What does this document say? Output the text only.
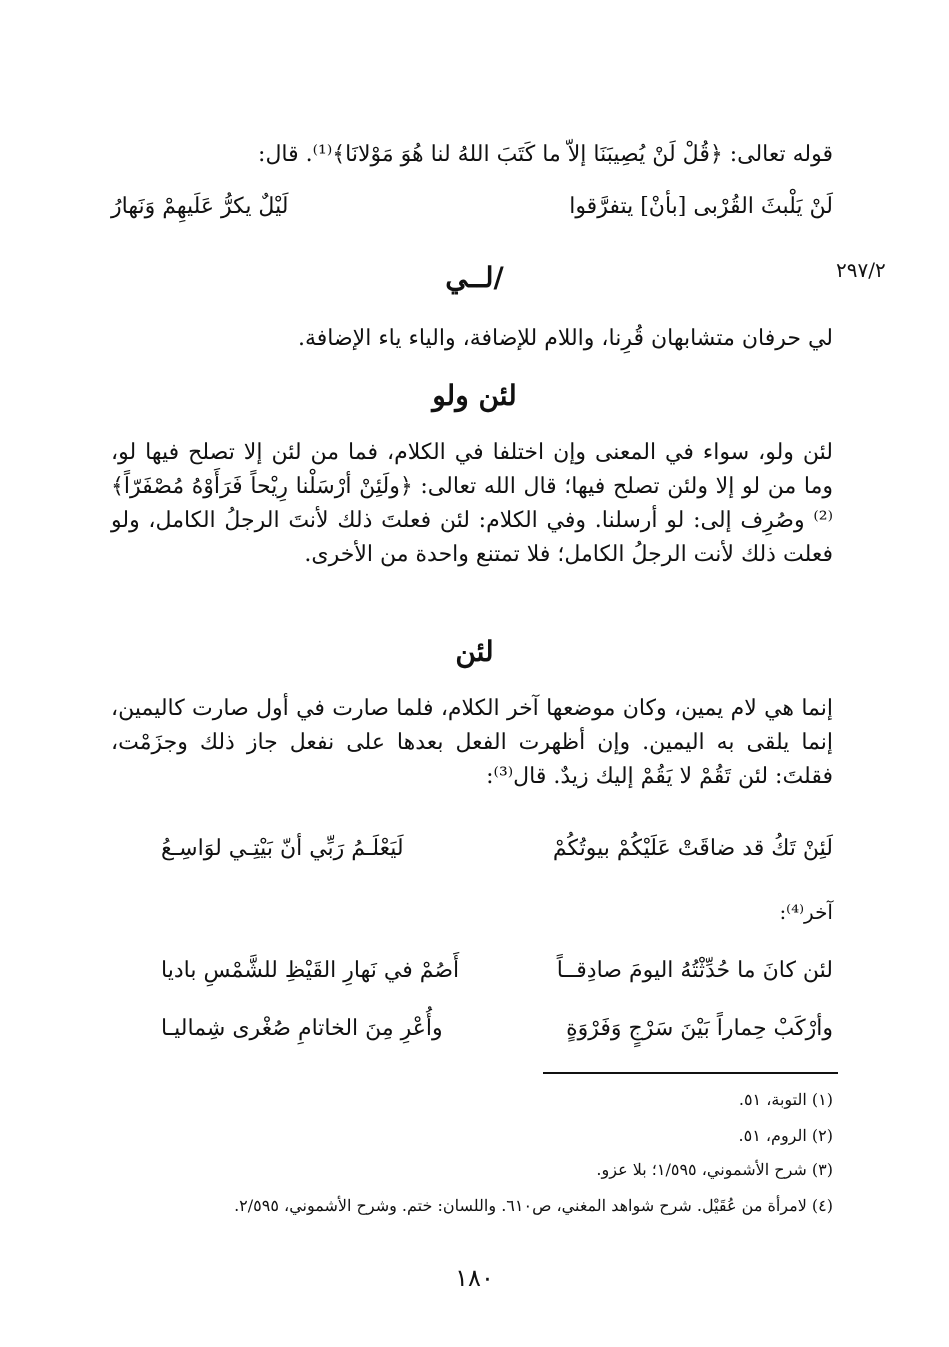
قوله تعالى: ﴿قُلْ لَنْ يُصِيبَنَا إلاّ ما كَتَبَ اللهُ لنا هُوَ مَوْلانَا﴾⁽¹⁾. قال:
لَنْ يَلْبثَ القُرْبى [بأنْ] يتفرَّقوا
لَيْلٌ يكرُّ عَلَيهِمْ وَنَهارُ
٢٩٧/٢
/لــي
لي حرفان متشابهان قُرِنا، واللام للإضافة، والياء ياء الإضافة.
لئن ولو
لئن ولو، سواء في المعنى وإن اختلفا في الكلام، فما من لئن إلا تصلح فيها لو، وما من لو إلا ولئن تصلح فيها؛ قال الله تعالى: ﴿ولَئِنْ أرْسَلْنا رِيْحاً فَرَأَوْهُ مُصْفَرّاً﴾⁽²⁾ وصُرِف إلى: لو أرسلنا. وفي الكلام: لئن فعلتَ ذلك لأنتَ الرجلُ الكامل، ولو فعلت ذلك لأنت الرجلُ الكامل؛ فلا تمتنع واحدة من الأخرى.
لئن
إنما هي لام يمين، وكان موضعها آخر الكلام، فلما صارت في أول صارت كاليمين، إنما يلقى به اليمين. وإن أظهرت الفعل بعدها على نفعل جاز ذلك وجزَمْت، فقلتَ: لئن تَقُمْ لا يَقُمْ إليك زيدٌ. قال⁽³⁾:
لَئِنْ تَكُ قد ضاقَتْ عَلَيْكُمْ بيوتُكُمْ
لَيَعْلَـمُ رَبِّي أنّ بَيْتِـي لوَاسِـعُ
آخر⁽⁴⁾:
لئن كانَ ما حُدِّثْتُهُ اليومَ صادِقــاً
أَصُمْ في نَهارِ القَيْظِ للشَّمْسِ باديا
وأرْكَبْ حِماراً بَيْنَ سَرْجٍ وَفَرْوَةٍ
وأُعْرِ مِنَ الخاتامِ صُغْرى شِماليـا
(١) التوبة، ٥١.
(٢) الروم، ٥١.
(٣) شرح الأشموني، ١/٥٩٥؛ بلا عزو.
(٤) لامرأة من عُقَيْل. شرح شواهد المغني، ص٦١٠. واللسان: ختم. وشرح الأشموني، ٢/٥٩٥.
١٨٠
